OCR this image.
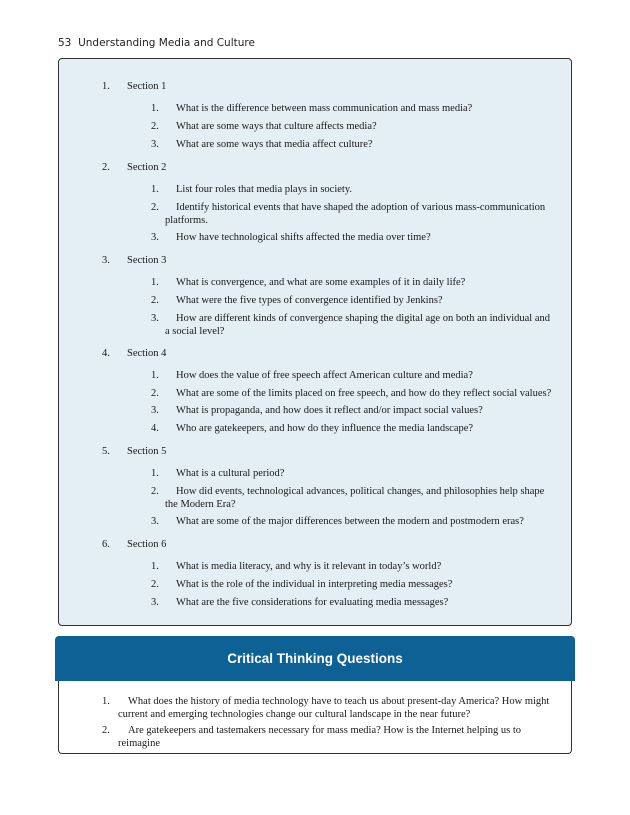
53 Understanding Media and Culture
1. Section 1
1.	What is the difference between mass communication and mass media?
2.	What are some ways that culture affects media?
3.	What are some ways that media affect culture?
2. Section 2
1.	List four roles that media plays in society.
2.	Identify historical events that have shaped the adoption of various mass-communication platforms.
3.	How have technological shifts affected the media over time?
3. Section 3
1.	What is convergence, and what are some examples of it in daily life?
2.	What were the five types of convergence identified by Jenkins?
3.	How are different kinds of convergence shaping the digital age on both an individual and a social level?
4. Section 4
1.	How does the value of free speech affect American culture and media?
2.	What are some of the limits placed on free speech, and how do they reflect social values?
3.	What is propaganda, and how does it reflect and/or impact social values?
4.	Who are gatekeepers, and how do they influence the media landscape?
5. Section 5
1.	What is a cultural period?
2.	How did events, technological advances, political changes, and philosophies help shape the Modern Era?
3.	What are some of the major differences between the modern and postmodern eras?
6. Section 6
1.	What is media literacy, and why is it relevant in today’s world?
2.	What is the role of the individual in interpreting media messages?
3.	What are the five considerations for evaluating media messages?
Critical Thinking Questions
1.	What does the history of media technology have to teach us about present-day America? How might current and emerging technologies change our cultural landscape in the near future?
2.	Are gatekeepers and tastemakers necessary for mass media? How is the Internet helping us to reimagine
